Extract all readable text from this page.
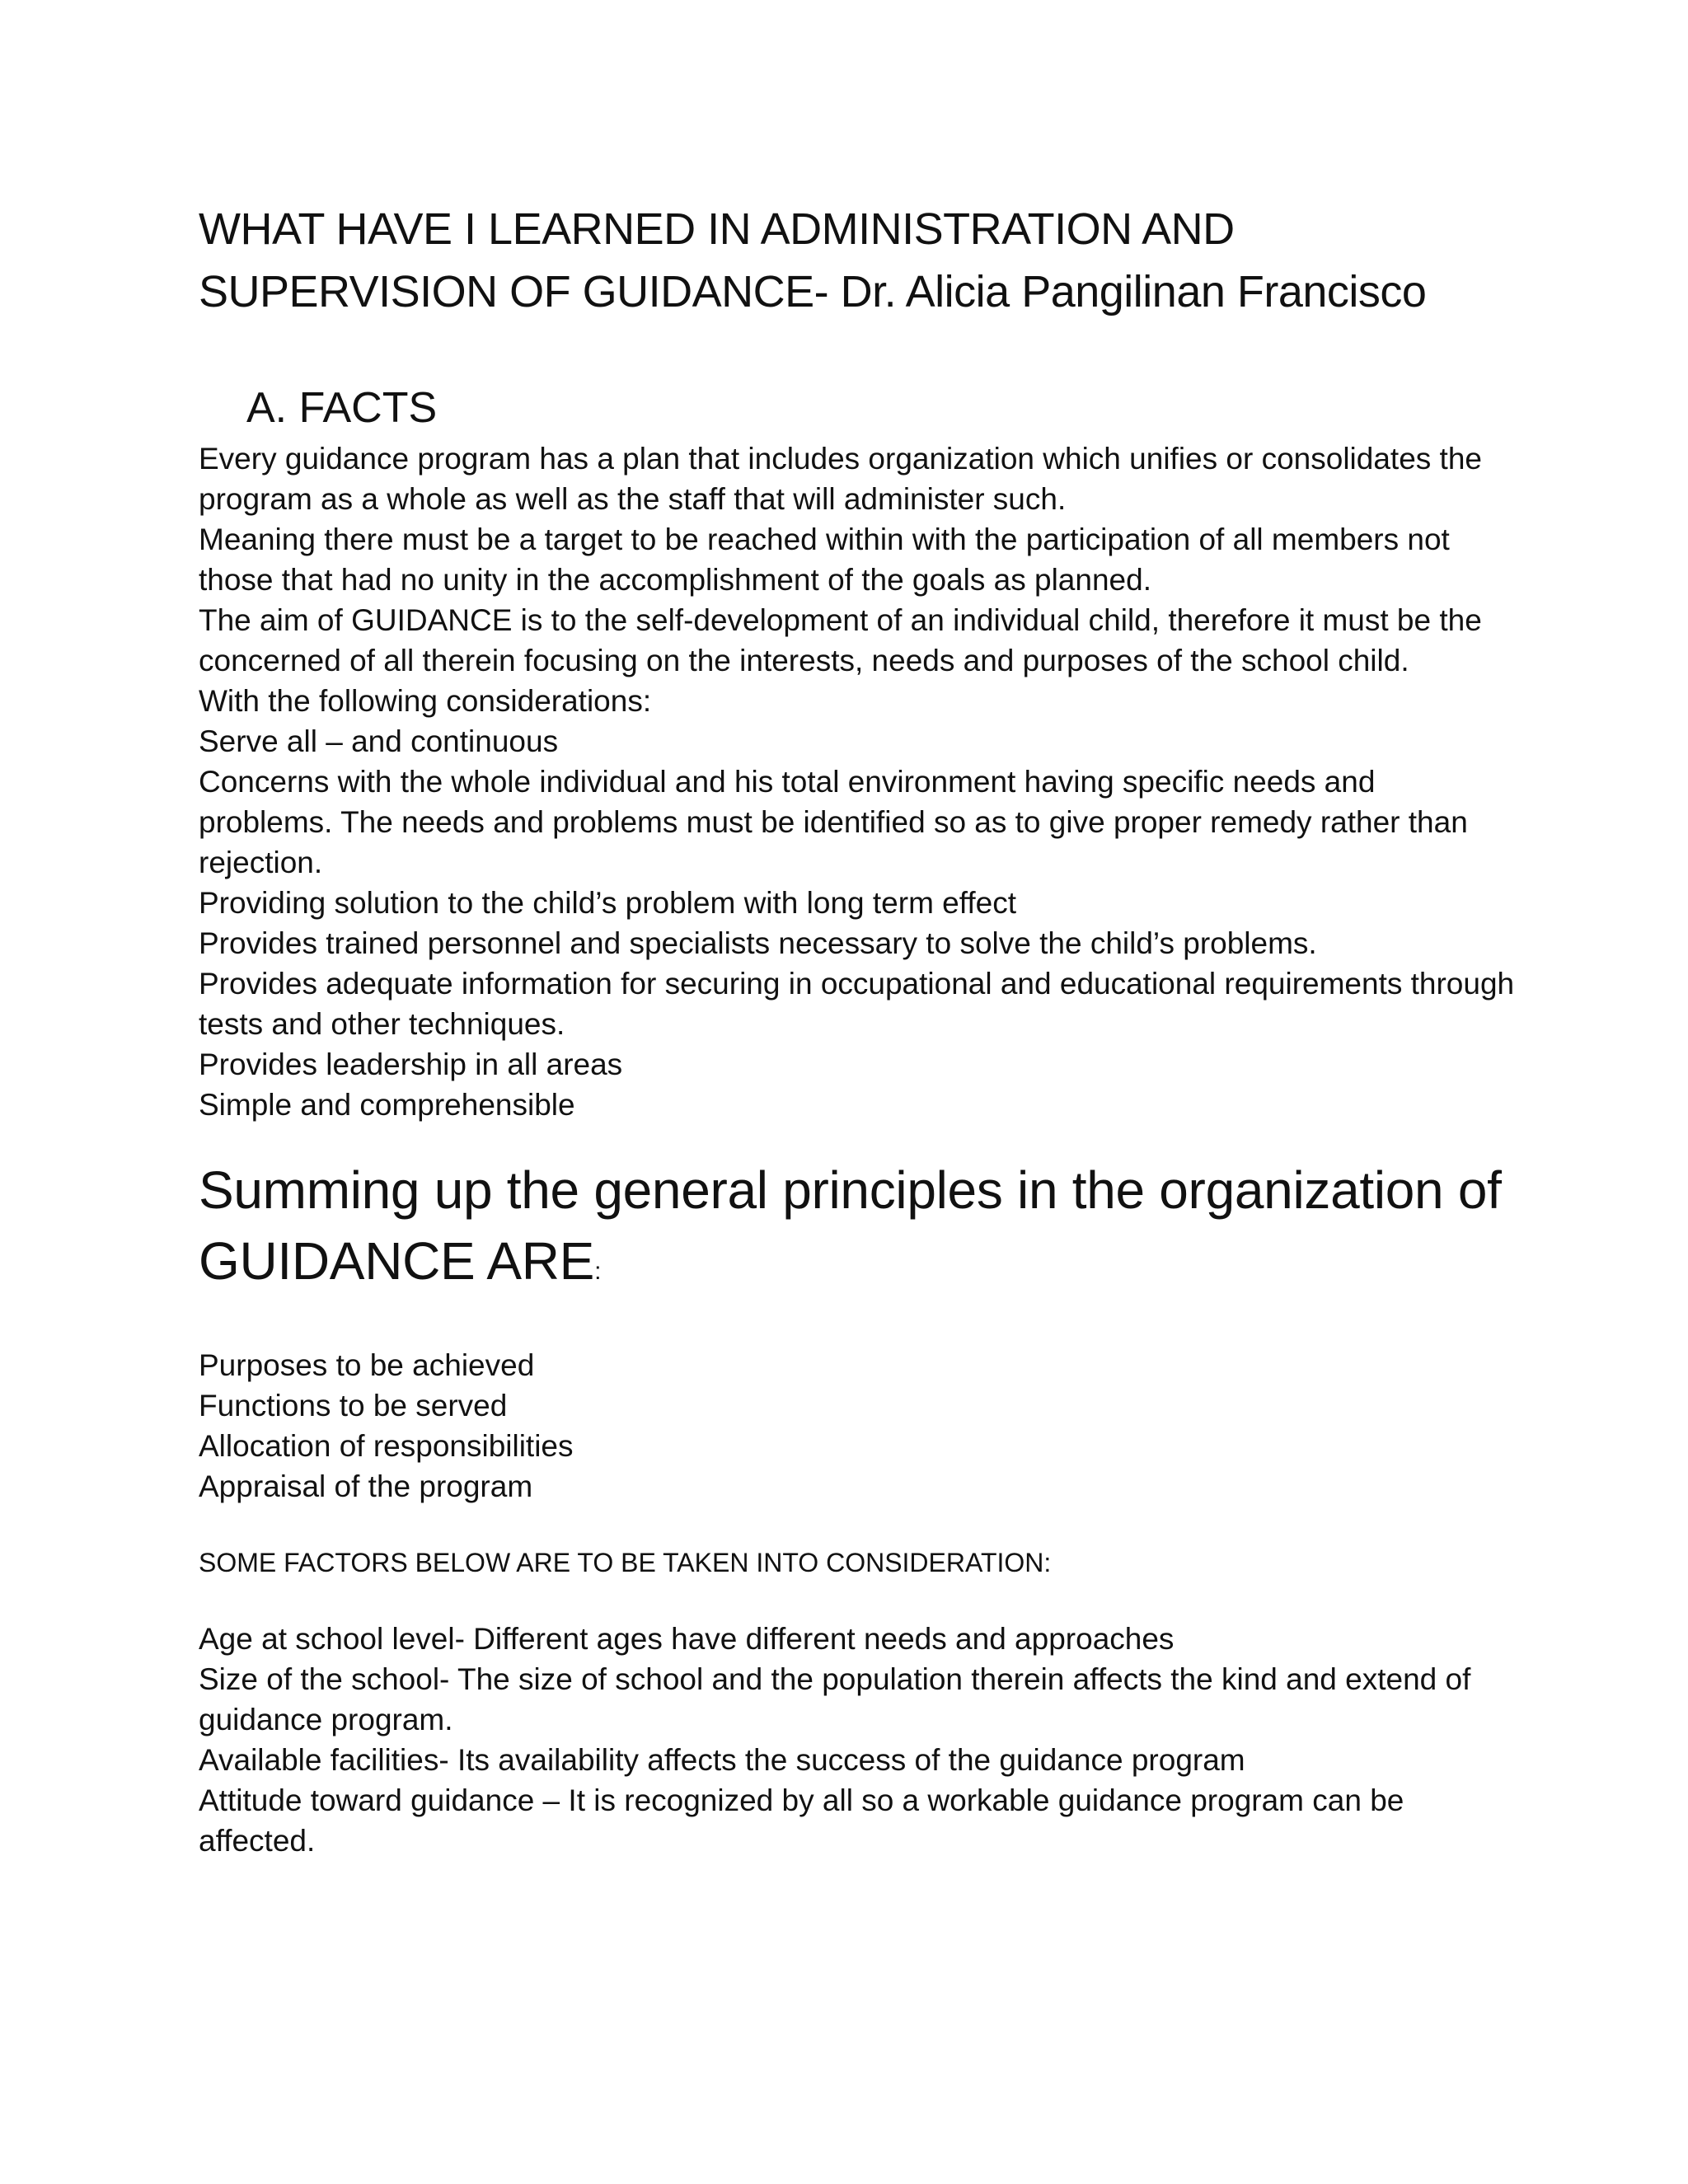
WHAT HAVE I LEARNED IN ADMINISTRATION AND SUPERVISION OF GUIDANCE- Dr. Alicia Pangilinan Francisco
A. FACTS

Every guidance program has a plan that includes organization which unifies or consolidates the program as a whole as well as the staff that will administer such.

Meaning there must be a target to be reached within with the participation of all members not those that had no unity in the accomplishment of the goals as planned.

The aim of GUIDANCE is to the self-development of an individual child, therefore it must be the concerned of all therein focusing on the interests, needs and purposes of the school child.

With the following considerations:

Serve all – and continuous

Concerns with the whole individual and his total environment having specific needs and problems. The needs and problems must be identified so as to give proper remedy rather than rejection.

Providing solution to the child’s problem with long term effect

Provides trained personnel and specialists necessary to solve the child’s problems.

Provides adequate information for securing in occupational and educational requirements through tests and other techniques.

Provides leadership in all areas

Simple and comprehensible

Summing up the general principles in the organization of GUIDANCE ARE:

Purposes to be achieved

Functions to be served

Allocation of responsibilities

Appraisal of the program

SOME FACTORS BELOW ARE TO BE TAKEN INTO CONSIDERATION:

Age at school level- Different ages have different needs and approaches

Size of the school- The size of school and the population therein affects the kind and extend of guidance program.

Available facilities- Its availability affects the success of the guidance program

Attitude toward guidance – It is recognized by all so a workable guidance program can be affected.
